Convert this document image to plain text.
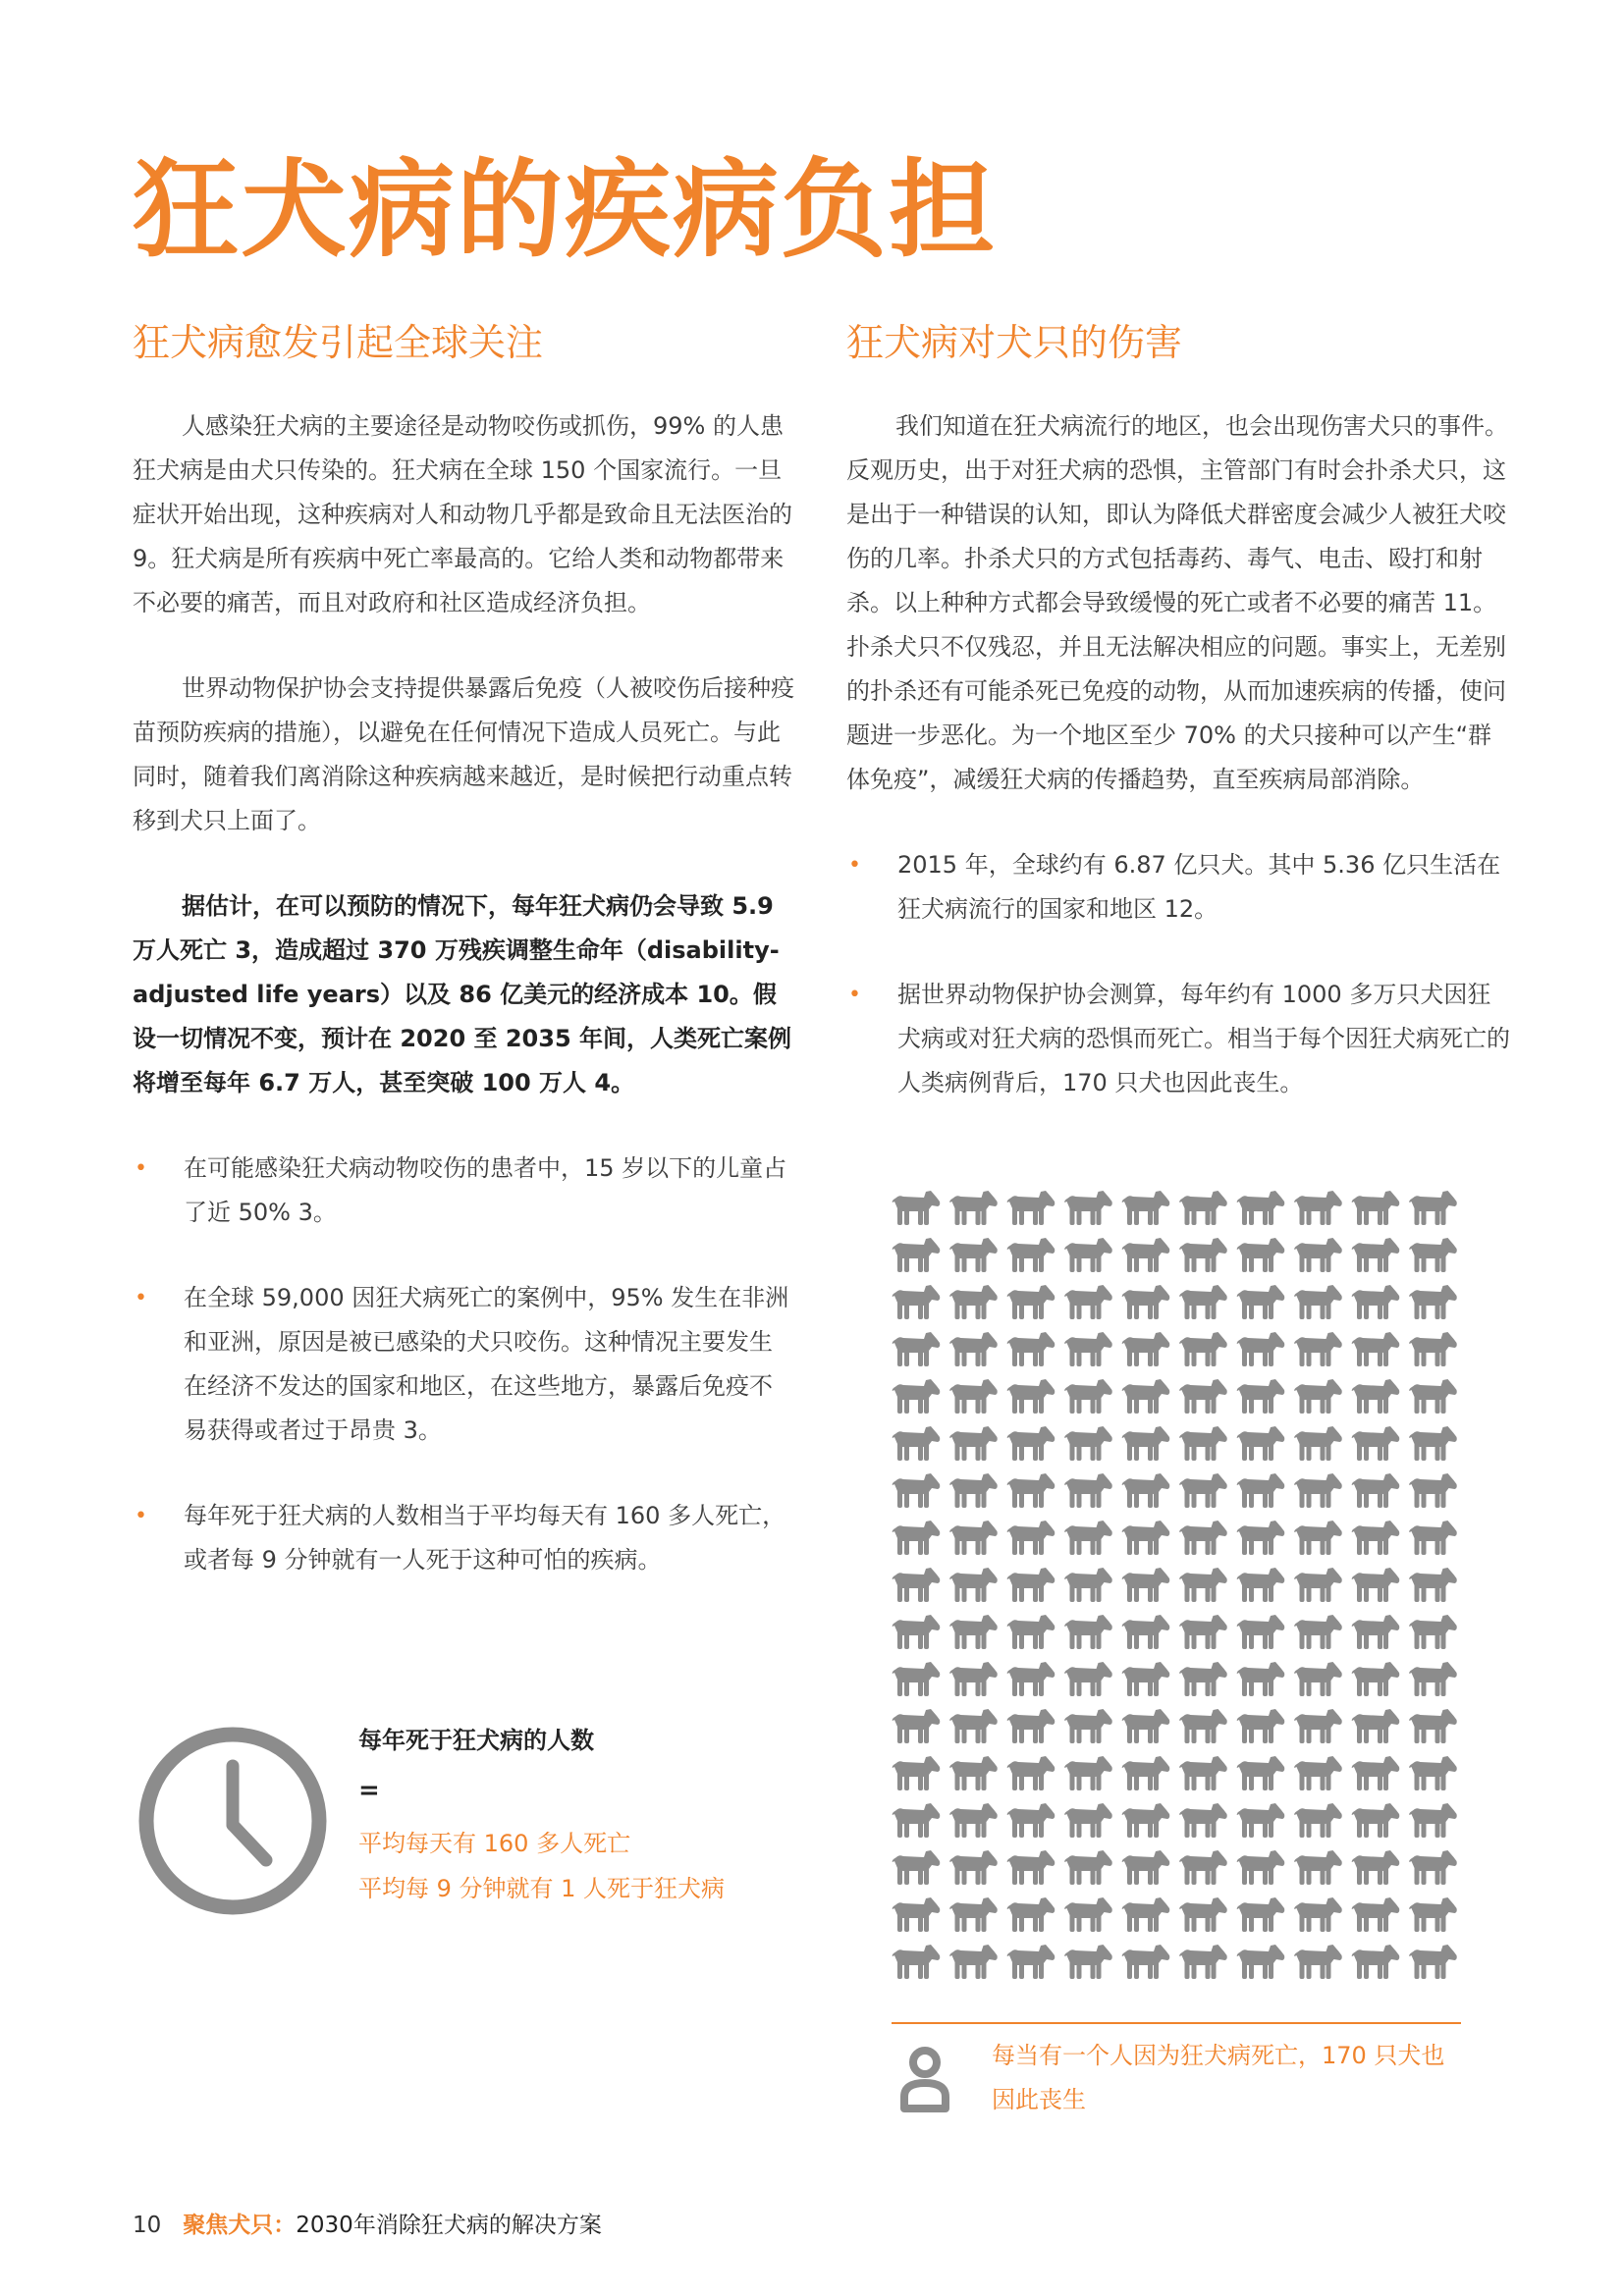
狂犬病的疾病负担
狂犬病愈发引起全球关注

人感染狂犬病的主要途径是动物咬伤或抓伤，99% 的人患狂犬病是由犬只传染的。狂犬病在全球 150 个国家流行。一旦症状开始出现，这种疾病对人和动物几乎都是致命且无法医治的 9。狂犬病是所有疾病中死亡率最高的。它给人类和动物都带来不必要的痛苦，而且对政府和社区造成经济负担。

世界动物保护协会支持提供暴露后免疫（人被咬伤后接种疫苗预防疾病的措施），以避免在任何情况下造成人员死亡。与此同时，随着我们离消除这种疾病越来越近，是时候把行动重点转移到犬只上面了。

据估计，在可以预防的情况下，每年狂犬病仍会导致 5.9 万人死亡 3，造成超过 370 万残疾调整生命年（disability-adjusted life years）以及 86 亿美元的经济成本 10。假设一切情况不变，预计在 2020 至 2035 年间，人类死亡案例将增至每年 6.7 万人，甚至突破 100 万人 4。

• 在可能感染狂犬病动物咬伤的患者中，15 岁以下的儿童占了近 50% 3。
• 在全球 59,000 因狂犬病死亡的案例中，95% 发生在非洲和亚洲，原因是被已感染的犬只咬伤。这种情况主要发生在经济不发达的国家和地区，在这些地方，暴露后免疫不易获得或者过于昂贵 3。
• 每年死于狂犬病的人数相当于平均每天有 160 多人死亡，或者每 9 分钟就有一人死于这种可怕的疾病。
每年死于狂犬病的人数
=
平均每天有 160 多人死亡
平均每 9 分钟就有 1 人死于狂犬病
狂犬病对犬只的伤害

我们知道在狂犬病流行的地区，也会出现伤害犬只的事件。反观历史，出于对狂犬病的恐惧，主管部门有时会扑杀犬只，这是出于一种错误的认知，即认为降低犬群密度会减少人被狂犬咬伤的几率。扑杀犬只的方式包括毒药、毒气、电击、殴打和射杀。以上种种方式都会导致缓慢的死亡或者不必要的痛苦 11。扑杀犬只不仅残忍，并且无法解决相应的问题。事实上，无差别的扑杀还有可能杀死已免疫的动物，从而加速疾病的传播，使问题进一步恶化。为一个地区至少 70% 的犬只接种可以产生“群体免疫”，减缓狂犬病的传播趋势，直至疾病局部消除。

• 2015 年，全球约有 6.87 亿只犬。其中 5.36 亿只生活在狂犬病流行的国家和地区 12。
• 据世界动物保护协会测算，每年约有 1000 多万只犬因狂犬病或对狂犬病的恐惧而死亡。相当于每个因狂犬病死亡的人类病例背后，170 只犬也因此丧生。
每当有一个人因为狂犬病死亡，170 只犬也因此丧生
10 聚焦犬只：2030年消除狂犬病的解决方案
